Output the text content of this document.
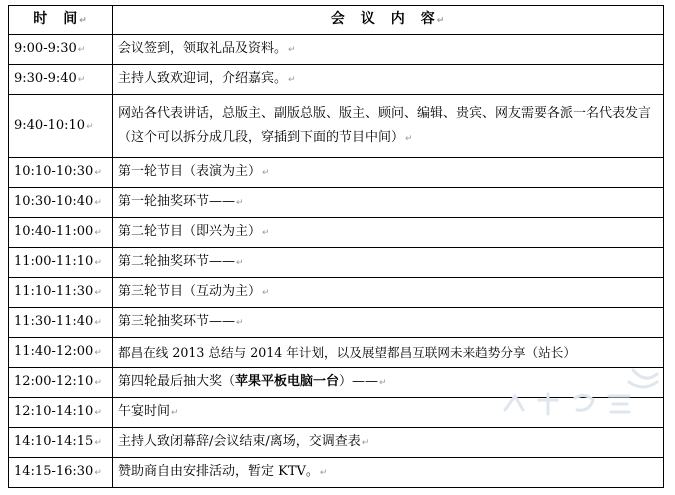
时　间↵	会　议　内　容↵
9:00-9:30↵	会议签到，领取礼品及资料。↵
9:30-9:40↵	主持人致欢迎词，介绍嘉宾。↵
9:40-10:10↵	网站各代表讲话，总版主、副版总版、版主、顾问、编辑、贵宾、网友需要各派一名代表发言（这个可以拆分成几段，穿插到下面的节目中间）↵
10:10-10:30↵	第一轮节目（表演为主）↵
10:30-10:40↵	第一轮抽奖环节——↵
10:40-11:00↵	第二轮节目（即兴为主）↵
11:00-11:10↵	第二轮抽奖环节——↵
11:10-11:30↵	第三轮节目（互动为主）↵
11:30-11:40↵	第三轮抽奖环节——↵
11:40-12:00↵	都昌在线 2013 总结与 2014 年计划，以及展望都昌互联网未来趋势分享（站长）
12:00-12:10↵	第四轮最后抽大奖（苹果平板电脑一台）——↵
12:10-14:10↵	午宴时间↵
14:10-14:15↵	主持人致闭幕辞/会议结束/离场，交调查表↵
14:15-16:30↵	赞助商自由安排活动，暂定 KTV。↵
